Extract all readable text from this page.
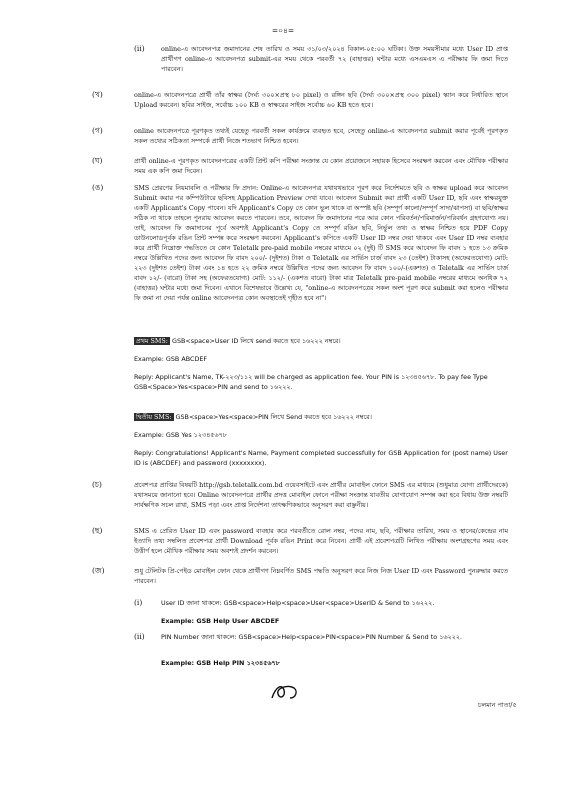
=০৪=
(ii)	online-এ আবেদনপত্র জমাদানের শেষ তারিখ ও সময় ৩১/০৩/২০২৪ বিকাল-০৫:০০ ঘটিকা। উক্ত সময়সীমার মধ্যে User ID প্রাপ্ত প্রার্থীগণ online-এ আবেদনপত্র submit-এর সময় থেকে পরবর্তী ৭২ (বাহাত্তর) ঘন্টার মধ্যে এসএমএস এ পরীক্ষার ফি জমা দিতে পারবেন।
(খ)	online-এ আবেদনপত্রে প্রার্থী তাঁর স্বাক্ষর (দৈর্ঘ্য ৩০০×প্রস্থ ৮০ pixel) ও রঙ্গিন ছবি (দৈর্ঘ্য ৩০০×প্রস্থ ৩০০ pixel) স্ক্যান করে নির্ধারিত স্থানে Upload করবেন। ছবির সাইজ, সর্বোচ্চ ১০০ KB ও স্বাক্ষরের সাইজ সর্বোচ্চ ৬০ KB হতে হবে।
(গ)	online আবেদনপত্রে পূরণকৃত তথ্যই যেহেতু পরবর্তী সকল কার্যক্রমে ব্যবহৃত হবে, সেহেতু online-এ আবেদনপত্র submit করার পূর্বেই পূরণকৃত সকল তথ্যের সঠিকতা সম্পর্কে প্রার্থী নিজে শতভাগ নিশ্চিত হবেন।
(ঘ)	প্রার্থী online-এ পূরণকৃত আবেদনপত্রের একটি প্রিন্ট কপি পরীক্ষা সংক্রান্ত যে কোন প্রয়োজনে সহায়ক হিসেবে সংরক্ষণ করবেন এবং মৌখিক পরীক্ষার সময় এক কপি জমা দিবেন।
(ঙ)	SMS প্রেরণের নিয়মাবলি ও পরীক্ষার ফি প্রদান: Online-এ আবেদনপত্র যথাযথভাবে পূরণ করে নির্দেশমতে ছবি ও স্বাক্ষর upload করে আবেদন Submit করার পর কম্পিউটারে ছবিসহ Application Preview দেখা যাবে। আবেদন Submit করা প্রার্থী একটি User ID, ছবি এবং স্বাক্ষরযুক্ত একটি Applicant's Copy পাবেন। যদি Applicant's Copy তে কোন ভুল থাকে বা অস্পষ্ট ছবি (সম্পূর্ণ কালো/সম্পূর্ণ সাদা/ঝাপসা) বা ছবি/স্বাক্ষর সঠিক না থাকে তাহলে পুনরায় আবেদন করতে পারবেন। তবে, আবেদন ফি জমাদানের পরে আর কোন পরিবর্তন/পরিমার্জন/পরিবর্ধন গ্রহণযোগ্য নয়। তাই, আবেদন ফি জমাদানের পূর্বে অবশ্যই Applicant's Copy তে সম্পূর্ণ রঙিন ছবি, নির্ভুল তথ্য ও স্বাক্ষর নিশ্চিত হয়ে PDF Copy ডাউনলোডপূর্বক রঙিন প্রিন্ট সম্পন্ন করে সংরক্ষণ করবেন। Applicant's কপিতে একটি User ID নম্বর দেয়া থাকবে এবং User ID নম্বর ব্যবহার করে প্রার্থী নিম্নোক্ত পদ্ধতিতে যে কোন Teletalk pre-paid mobile নম্বরের মাধ্যমে ০২ (দুই) টি SMS করে আবেদন ফি বাবদ ১ হতে ১৩ ক্রমিক নম্বরে উল্লিখিত পদের জন্য আবেদন ফি বাবদ ২০০/- (দুইশত) টাকা ও Teletalk এর সার্ভিস চার্জ বাবদ ২৩ (তেইশ) টাকাসহ (অফেরতযোগ্য) মোট: ২২৩ (দুইশত তেইশ) টাকা এবং ১৪ হতে ২২ ক্রমিক নম্বরে উল্লিখিত পদের জন্য আবেদন ফি বাবদ ১০০/-(একশত) ও Teletalk এর সার্ভিস চার্জ বাবদ ১২/- (বারো) টাকা সহ (অফেরতযোগ্য) মোট: ১১২/- (একশত বারো) টাকা মাত্র Teletalk pre-paid mobile নম্বরের মাধ্যমে অনধিক ৭২ (বাহাত্তর) ঘন্টার মধ্যে জমা দিবেন। এখানে বিশেষভাবে উল্লেখ্য যে, "online-এ আবেদনপত্রের সকল অংশ পূরণ করে submit করা হলেও পরীক্ষার ফি জমা না দেয়া পর্যন্ত online আবেদনপত্র কোন অবস্থাতেই গৃহীত হবে না"।
প্রথম SMS: GSB<space>User ID লিখে send করতে হবে ১৬২২২ নম্বরে।
Example: GSB ABCDEF
Reply: Applicant's Name, TK-২২৩/১১২ will be charged as application fee. Your PIN is ১২৩৪৫৬৭৮. To pay fee Type GSB<Space>Yes<space>PIN and send to ১৬২২২.
দ্বিতীয় SMS: GSB<space>Yes<space>PIN লিখে Send করতে হবে ১৬২২২ নম্বরে।
Example: GSB Yes ১২৩৪৫৬৭৮
Reply: Congratulations! Applicant's Name, Payment completed successfully for GSB Application for (post name) User ID is (ABCDEF) and password (xxxxxxxx).
(চ)	প্রবেশপত্র প্রাপ্তির বিষয়টি http://gsb.teletalk.com.bd ওয়েবসাইটে এবং প্রার্থীর মোবাইল ফোনে SMS এর মাধ্যমে (শুধুমাত্র যোগ্য প্রার্থীদেরকে) যথাসময়ে জানানো হবে। Online আবেদনপত্রে প্রার্থীর প্রদত্ত মোবাইল ফোনে পরীক্ষা সংক্রান্ত যাবতীয় যোগাযোগ সম্পন্ন করা হবে বিধায় উক্ত নম্বরটি সার্বক্ষণিক সচল রাখা, SMS পড়া এবং প্রাপ্ত নির্দেশনা তাৎক্ষণিকভাবে অনুসরণ করা বাঞ্ছনীয়।
(ছ)	SMS এ প্রেরিত User ID এবং password ব্যবহার করে পরবর্তীতে রোল নম্বর, পদের নাম, ছবি, পরীক্ষার তারিখ, সময় ও স্থানের/কেন্দ্রের নাম ইত্যাদি তথ্য সম্বলিত প্রবেশপত্র প্রার্থী Download পূর্বক রঙিন Print করে নিবেন। প্রার্থী এই প্রবেশপত্রটি লিখিত পরীক্ষায় অংশগ্রহণের সময় এবং উত্তীর্ণ হলে মৌখিক পরীক্ষার সময় অবশ্যই প্রদর্শন করবেন।
(জ)	শুধু টেলিটক প্রি-পেইড মোবাইল ফোন থেকে প্রার্থীগণ নিম্নবর্ণিত SMS পদ্ধতি অনুসরণ করে নিজ নিজ User ID এবং Password পুনরুদ্ধার করতে পারবেন।
(i)	User ID জানা থাকলে: GSB<space>Help<space>User<space>UserID & Send to ১৬২২২.
Example: GSB Help User ABCDEF
(ii)	PIN Number জানা থাকলে: GSB<space>Help<space>PIN<space>PIN Number & Send to ১৬২২২.
Example: GSB Help PIN ১২৩৪৫৬৭৮
চলমান পাতা/৫
